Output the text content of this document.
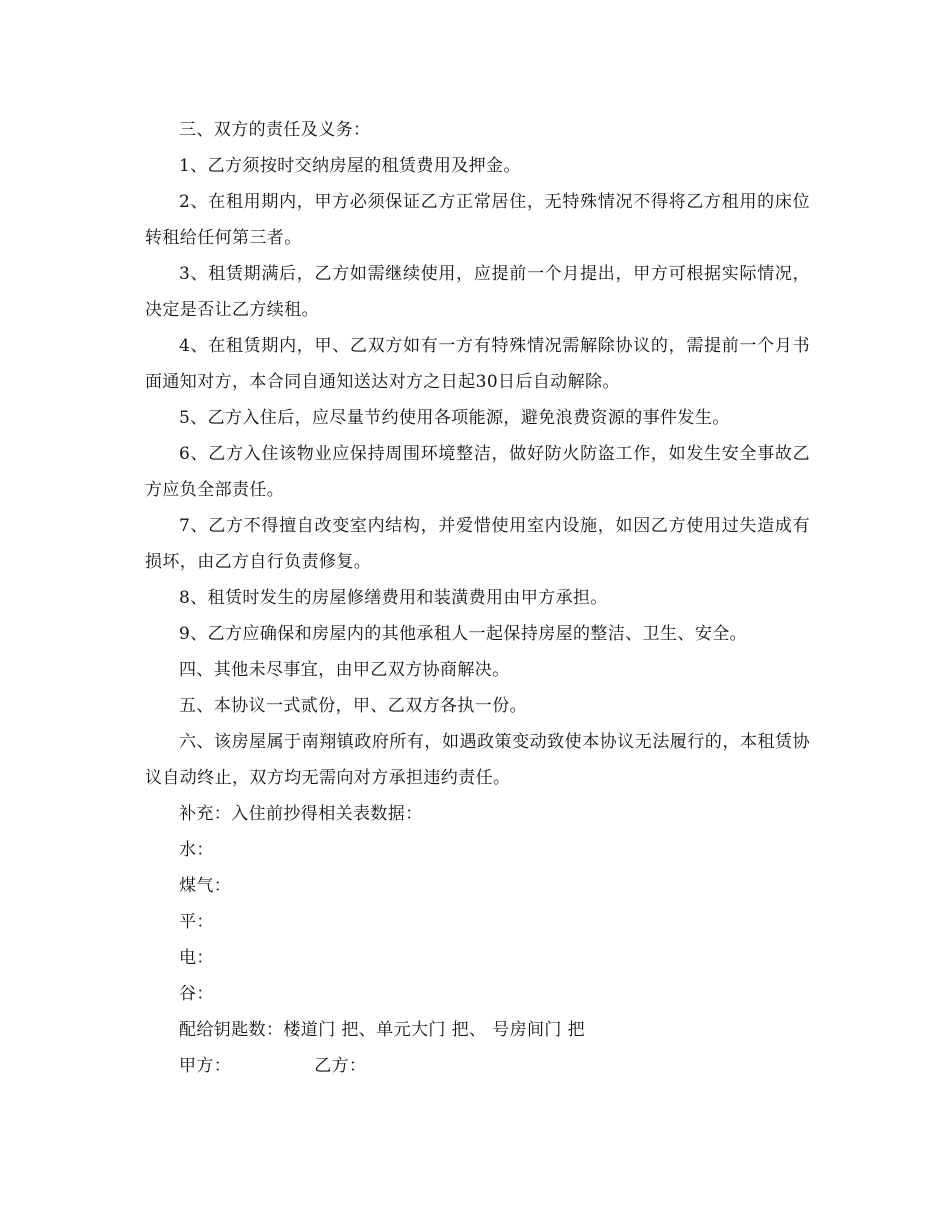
三、双方的责任及义务：

1、乙方须按时交纳房屋的租赁费用及押金。

2、在租用期内，甲方必须保证乙方正常居住，无特殊情况不得将乙方租用的床位转租给任何第三者。

3、租赁期满后，乙方如需继续使用，应提前一个月提出，甲方可根据实际情况，决定是否让乙方续租。

4、在租赁期内，甲、乙双方如有一方有特殊情况需解除协议的，需提前一个月书面通知对方，本合同自通知送达对方之日起30日后自动解除。

5、乙方入住后，应尽量节约使用各项能源，避免浪费资源的事件发生。

6、乙方入住该物业应保持周围环境整洁，做好防火防盗工作，如发生安全事故乙方应负全部责任。

7、乙方不得擅自改变室内结构，并爱惜使用室内设施，如因乙方使用过失造成有损坏，由乙方自行负责修复。

8、租赁时发生的房屋修缮费用和装潢费用由甲方承担。

9、乙方应确保和房屋内的其他承租人一起保持房屋的整洁、卫生、安全。

四、其他未尽事宜，由甲乙双方协商解决。

五、本协议一式贰份，甲、乙双方各执一份。

六、该房屋属于南翔镇政府所有，如遇政策变动致使本协议无法履行的，本租赁协议自动终止，双方均无需向对方承担违约责任。

补充：入住前抄得相关表数据：

水：

煤气：

平：

电：

谷：

配给钥匙数：楼道门 把、单元大门 把、 号房间门 把

甲方：	乙方：
